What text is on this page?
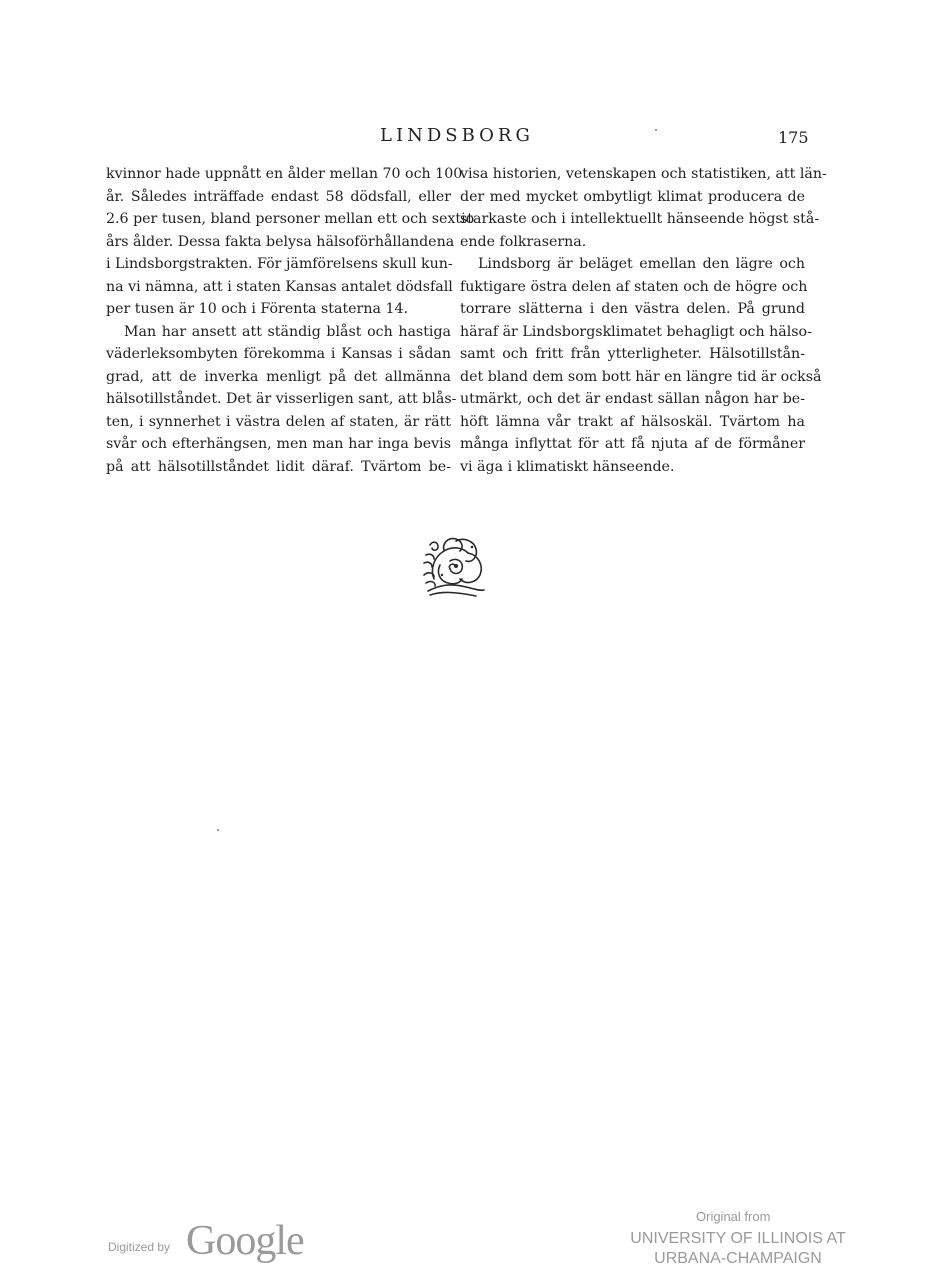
LINDSBORG	175
kvinnor hade uppnått en ålder mellan 70 och 100
år. Således inträffade endast 58 dödsfall, eller
2.6 per tusen, bland personer mellan ett och sextio
års ålder. Dessa fakta belysa hälsoförhållandena
i Lindsborgstrakten. För jämförelsens skull kun-
na vi nämna, att i staten Kansas antalet dödsfall
per tusen är 10 och i Förenta staterna 14.
Man har ansett att ständig blåst och hastiga
väderleksombyten förekomma i Kansas i sådan
grad, att de inverka menligt på det allmänna
hälsotillståndet. Det är visserligen sant, att blås-
ten, i synnerhet i västra delen af staten, är rätt
svår och efterhängsen, men man har inga bevis
på att hälsotillståndet lidit däraf. Tvärtom be-
visa historien, vetenskapen och statistiken, att län-
der med mycket ombytligt klimat producera de
starkaste och i intellektuellt hänseende högst stå-
ende folkraserna.
Lindsborg är beläget emellan den lägre och
fuktigare östra delen af staten och de högre och
torrare slätterna i den västra delen. På grund
häraf är Lindsborgsklimatet behagligt och hälso-
samt och fritt från ytterligheter. Hälsotillstån-
det bland dem som bott här en längre tid är också
utmärkt, och det är endast sällan någon har be-
höft lämna vår trakt af hälsoskäl. Tvärtom ha
många inflyttat för att få njuta af de förmåner
vi äga i klimatiskt hänseende.
Digitized by Google
Original from
UNIVERSITY OF ILLINOIS AT
URBANA-CHAMPAIGN
